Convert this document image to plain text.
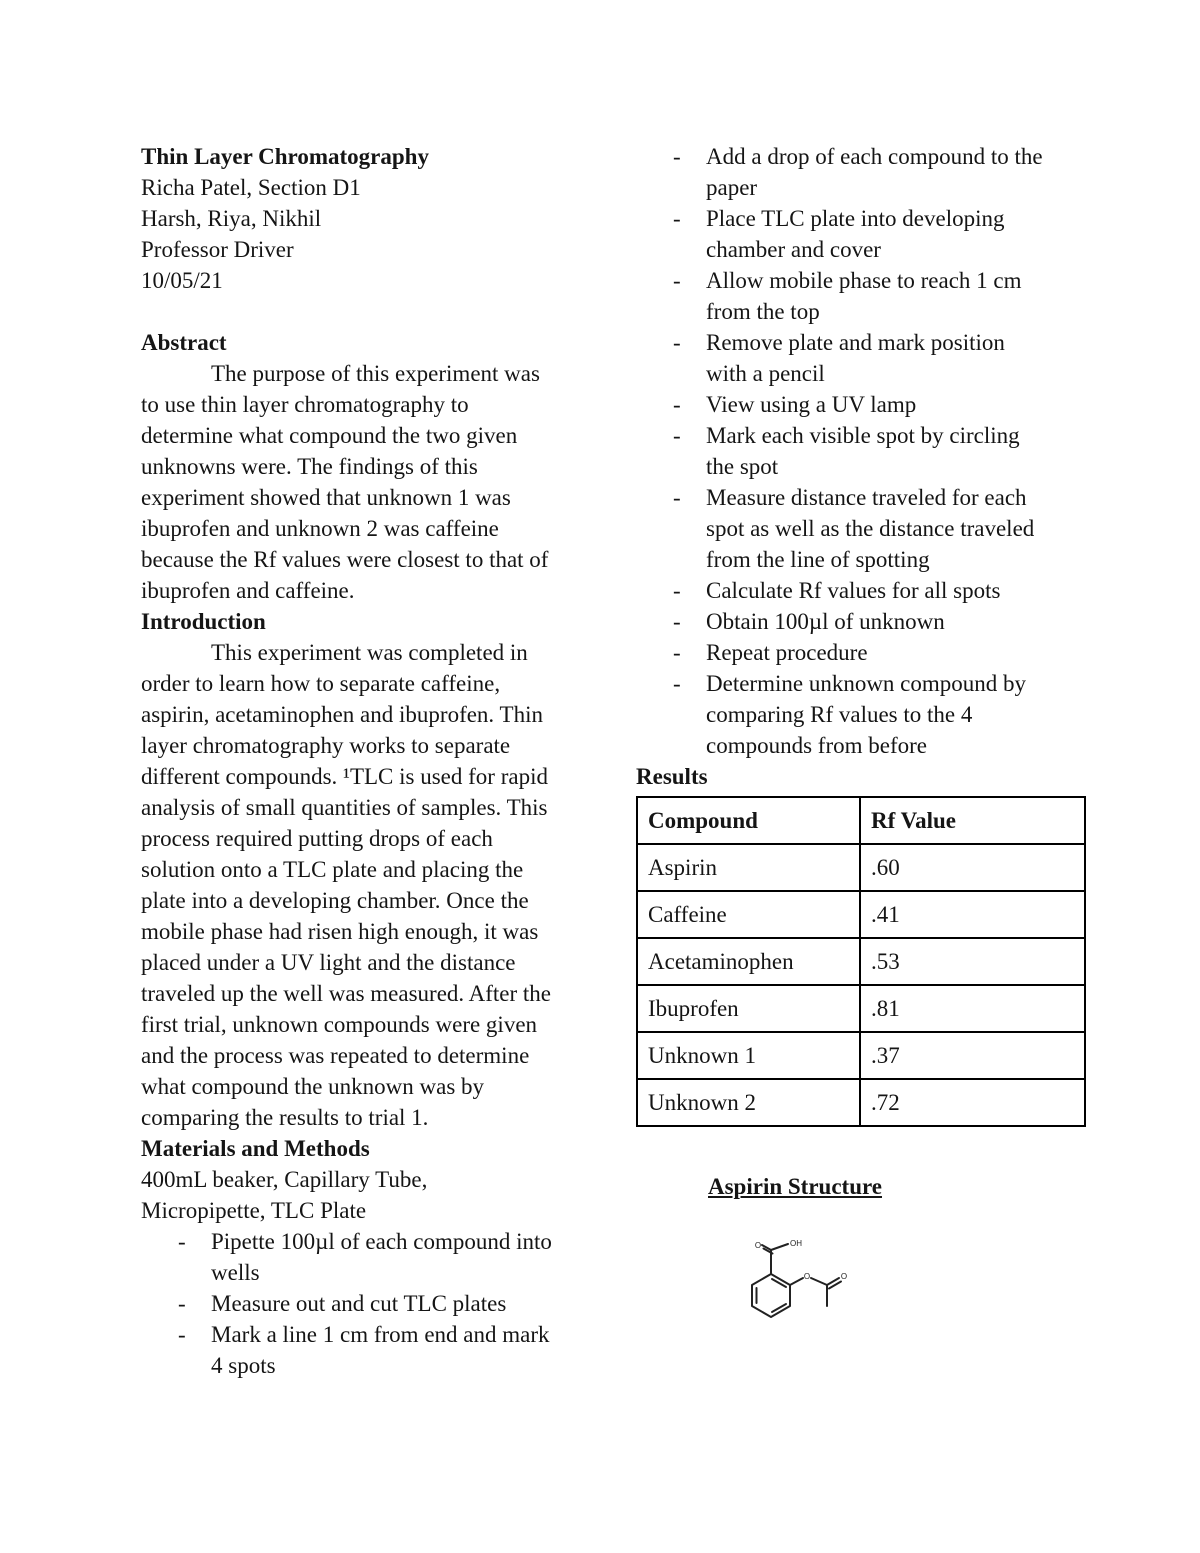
Thin Layer Chromatography
Richa Patel, Section D1
Harsh, Riya, Nikhil
Professor Driver
10/05/21
Abstract
The purpose of this experiment was
to use thin layer chromatography to
determine what compound the two given
unknowns were. The findings of this
experiment showed that unknown 1 was
ibuprofen and unknown 2 was caffeine
because the Rf values were closest to that of
ibuprofen and caffeine.
Introduction
This experiment was completed in
order to learn how to separate caffeine,
aspirin, acetaminophen and ibuprofen. Thin
layer chromatography works to separate
different compounds. ¹TLC is used for rapid
analysis of small quantities of samples. This
process required putting drops of each
solution onto a TLC plate and placing the
plate into a developing chamber. Once the
mobile phase had risen high enough, it was
placed under a UV light and the distance
traveled up the well was measured. After the
first trial, unknown compounds were given
and the process was repeated to determine
what compound the unknown was by
comparing the results to trial 1.
Materials and Methods
400mL beaker, Capillary Tube,
Micropipette, TLC Plate
-	Pipette 100µl of each compound into
wells
-	Measure out and cut TLC plates
-	Mark a line 1 cm from end and mark
4 spots
-	Add a drop of each compound to the
paper
-	Place TLC plate into developing
chamber and cover
-	Allow mobile phase to reach 1 cm
from the top
-	Remove plate and mark position
with a pencil
-	View using a UV lamp
-	Mark each visible spot by circling
the spot
-	Measure distance traveled for each
spot as well as the distance traveled
from the line of spotting
-	Calculate Rf values for all spots
-	Obtain 100µl of unknown
-	Repeat procedure
-	Determine unknown compound by
comparing Rf values to the 4
compounds from before
Results
Compound	Rf Value
Aspirin	.60
Caffeine	.41
Acetaminophen	.53
Ibuprofen	.81
Unknown 1	.37
Unknown 2	.72
Aspirin Structure
O	OH
O	O
